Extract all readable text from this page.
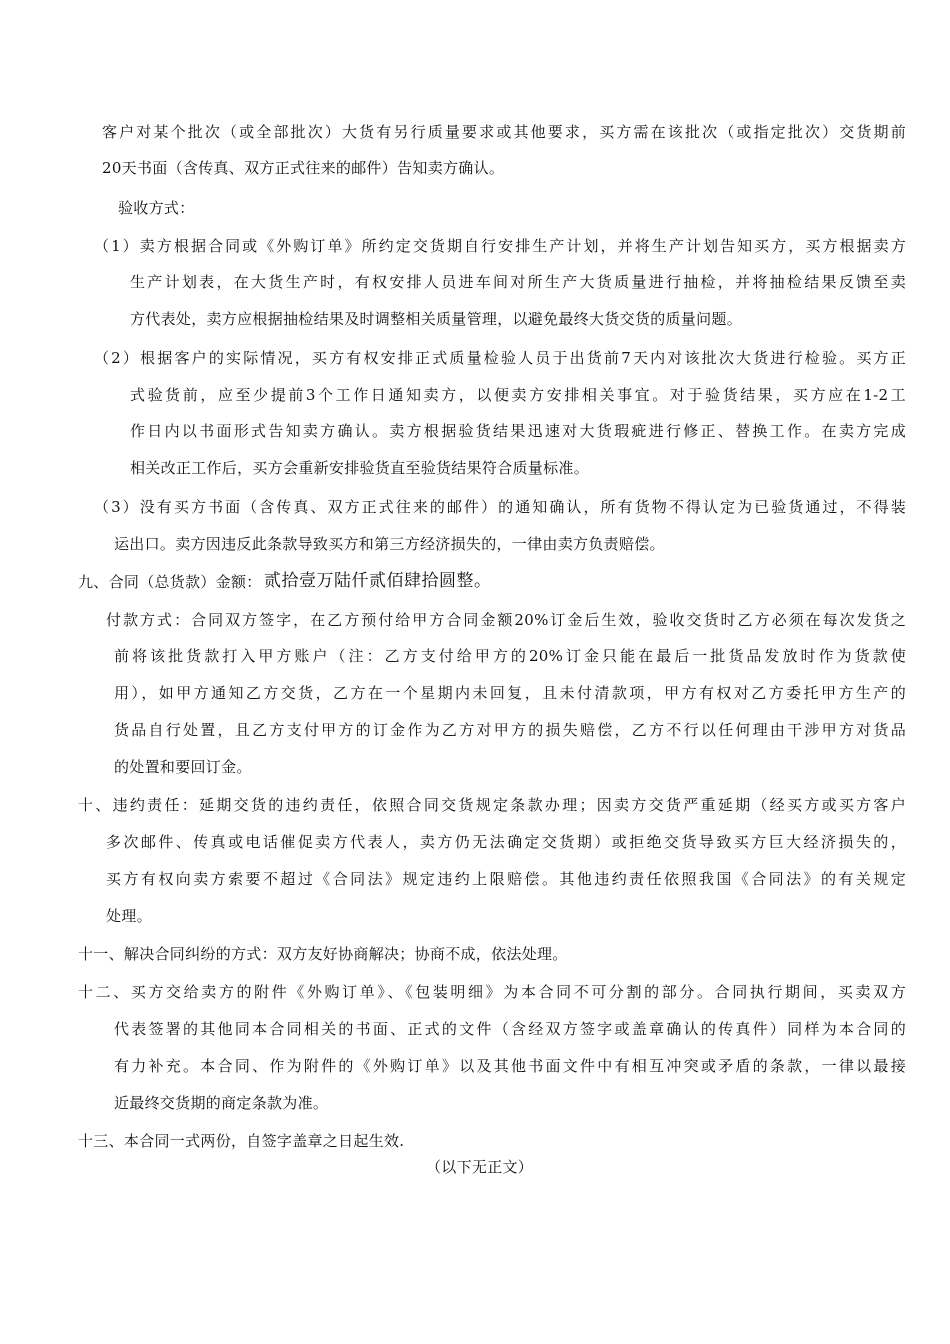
客户对某个批次（或全部批次）大货有另行质量要求或其他要求，买方需在该批次（或指定批次）交货期前
20天书面（含传真、双方正式往来的邮件）告知卖方确认。
验收方式：
（1）卖方根据合同或《外购订单》所约定交货期自行安排生产计划，并将生产计划告知买方，买方根据卖方
生产计划表，在大货生产时，有权安排人员进车间对所生产大货质量进行抽检，并将抽检结果反馈至卖
方代表处，卖方应根据抽检结果及时调整相关质量管理，以避免最终大货交货的质量问题。
（2）根据客户的实际情况，买方有权安排正式质量检验人员于出货前7天内对该批次大货进行检验。买方正
式验货前，应至少提前3个工作日通知卖方，以便卖方安排相关事宜。对于验货结果，买方应在1-2工
作日内以书面形式告知卖方确认。卖方根据验货结果迅速对大货瑕疵进行修正、替换工作。在卖方完成
相关改正工作后，买方会重新安排验货直至验货结果符合质量标准。
（3）没有买方书面（含传真、双方正式往来的邮件）的通知确认，所有货物不得认定为已验货通过，不得装
运出口。卖方因违反此条款导致买方和第三方经济损失的，一律由卖方负责赔偿。
九、合同（总货款）金额： 贰拾壹万陆仟贰佰肆拾圆整。
付款方式：合同双方签字，在乙方预付给甲方合同金额20%订金后生效，验收交货时乙方必须在每次发货之
前将该批货款打入甲方账户（注：乙方支付给甲方的20%订金只能在最后一批货品发放时作为货款使
用），如甲方通知乙方交货，乙方在一个星期内未回复，且未付清款项，甲方有权对乙方委托甲方生产的
货品自行处置，且乙方支付甲方的订金作为乙方对甲方的损失赔偿，乙方不行以任何理由干涉甲方对货品
的处置和要回订金。
十、违约责任：延期交货的违约责任，依照合同交货规定条款办理；因卖方交货严重延期（经买方或买方客户
多次邮件、传真或电话催促卖方代表人，卖方仍无法确定交货期）或拒绝交货导致买方巨大经济损失的，
买方有权向卖方索要不超过《合同法》规定违约上限赔偿。其他违约责任依照我国《合同法》的有关规定
处理。
十一、解决合同纠纷的方式：双方友好协商解决；协商不成，依法处理。
十二、买方交给卖方的附件《外购订单》、《包装明细》为本合同不可分割的部分。合同执行期间，买卖双方
代表签署的其他同本合同相关的书面、正式的文件（含经双方签字或盖章确认的传真件）同样为本合同的
有力补充。本合同、作为附件的《外购订单》以及其他书面文件中有相互冲突或矛盾的条款，一律以最接
近最终交货期的商定条款为准。
十三、本合同一式两份，自签字盖章之日起生效.
（以下无正文）
